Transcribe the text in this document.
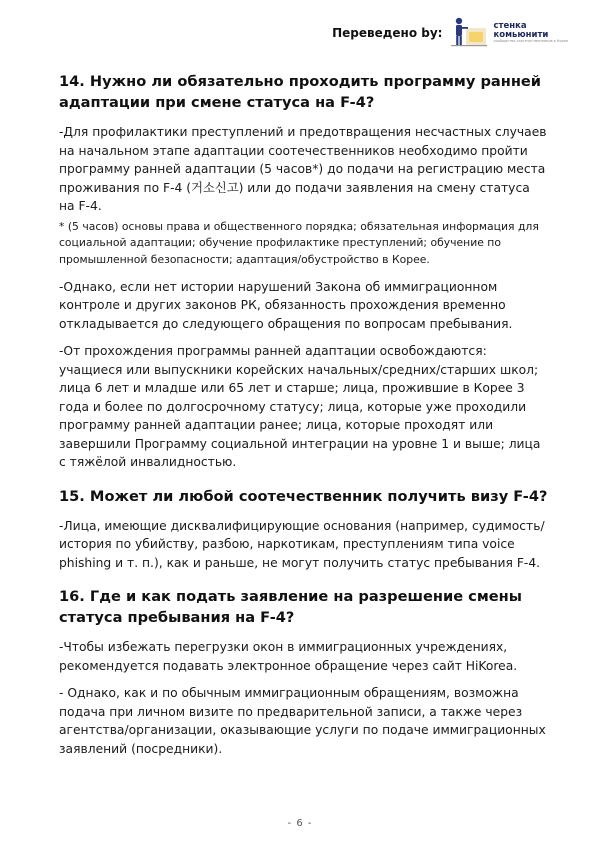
Переведено by:	стенка
комьюнити
сообщество соотечественников в Корее
14. Нужно ли обязательно проходить программу ранней адаптации при смене статуса на F-4?

-Для профилактики преступлений и предотвращения несчастных случаев на начальном этапе адаптации соотечественников необходимо пройти программу ранней адаптации (5 часов*) до подачи на регистрацию места проживания по F-4 (거소신고) или до подачи заявления на смену статуса на F-4.

* (5 часов) основы права и общественного порядка; обязательная информация для социальной адаптации; обучение профилактике преступлений; обучение по промышленной безопасности; адаптация/обустройство в Корее.

-Однако, если нет истории нарушений Закона об иммиграционном контроле и других законов РК, обязанность прохождения временно откладывается до следующего обращения по вопросам пребывания.

-От прохождения программы ранней адаптации освобождаются: учащиеся или выпускники корейских начальных/средних/старших школ; лица 6 лет и младше или 65 лет и старше; лица, прожившие в Корее 3 года и более по долгосрочному статусу; лица, которые уже проходили программу ранней адаптации ранее; лица, которые проходят или завершили Программу социальной интеграции на уровне 1 и выше; лица с тяжёлой инвалидностью.

15. Может ли любой соотечественник получить визу F-4?

-Лица, имеющие дисквалифицирующие основания (например, судимость/история по убийству, разбою, наркотикам, преступлениям типа voice phishing и т. п.), как и раньше, не могут получить статус пребывания F-4.

16. Где и как подать заявление на разрешение смены статуса пребывания на F-4?

-Чтобы избежать перегрузки окон в иммиграционных учреждениях, рекомендуется подавать электронное обращение через сайт HiKorea.

- Однако, как и по обычным иммиграционным обращениям, возможна подача при личном визите по предварительной записи, а также через агентства/организации, оказывающие услуги по подаче иммиграционных заявлений (посредники).

- 6 -
